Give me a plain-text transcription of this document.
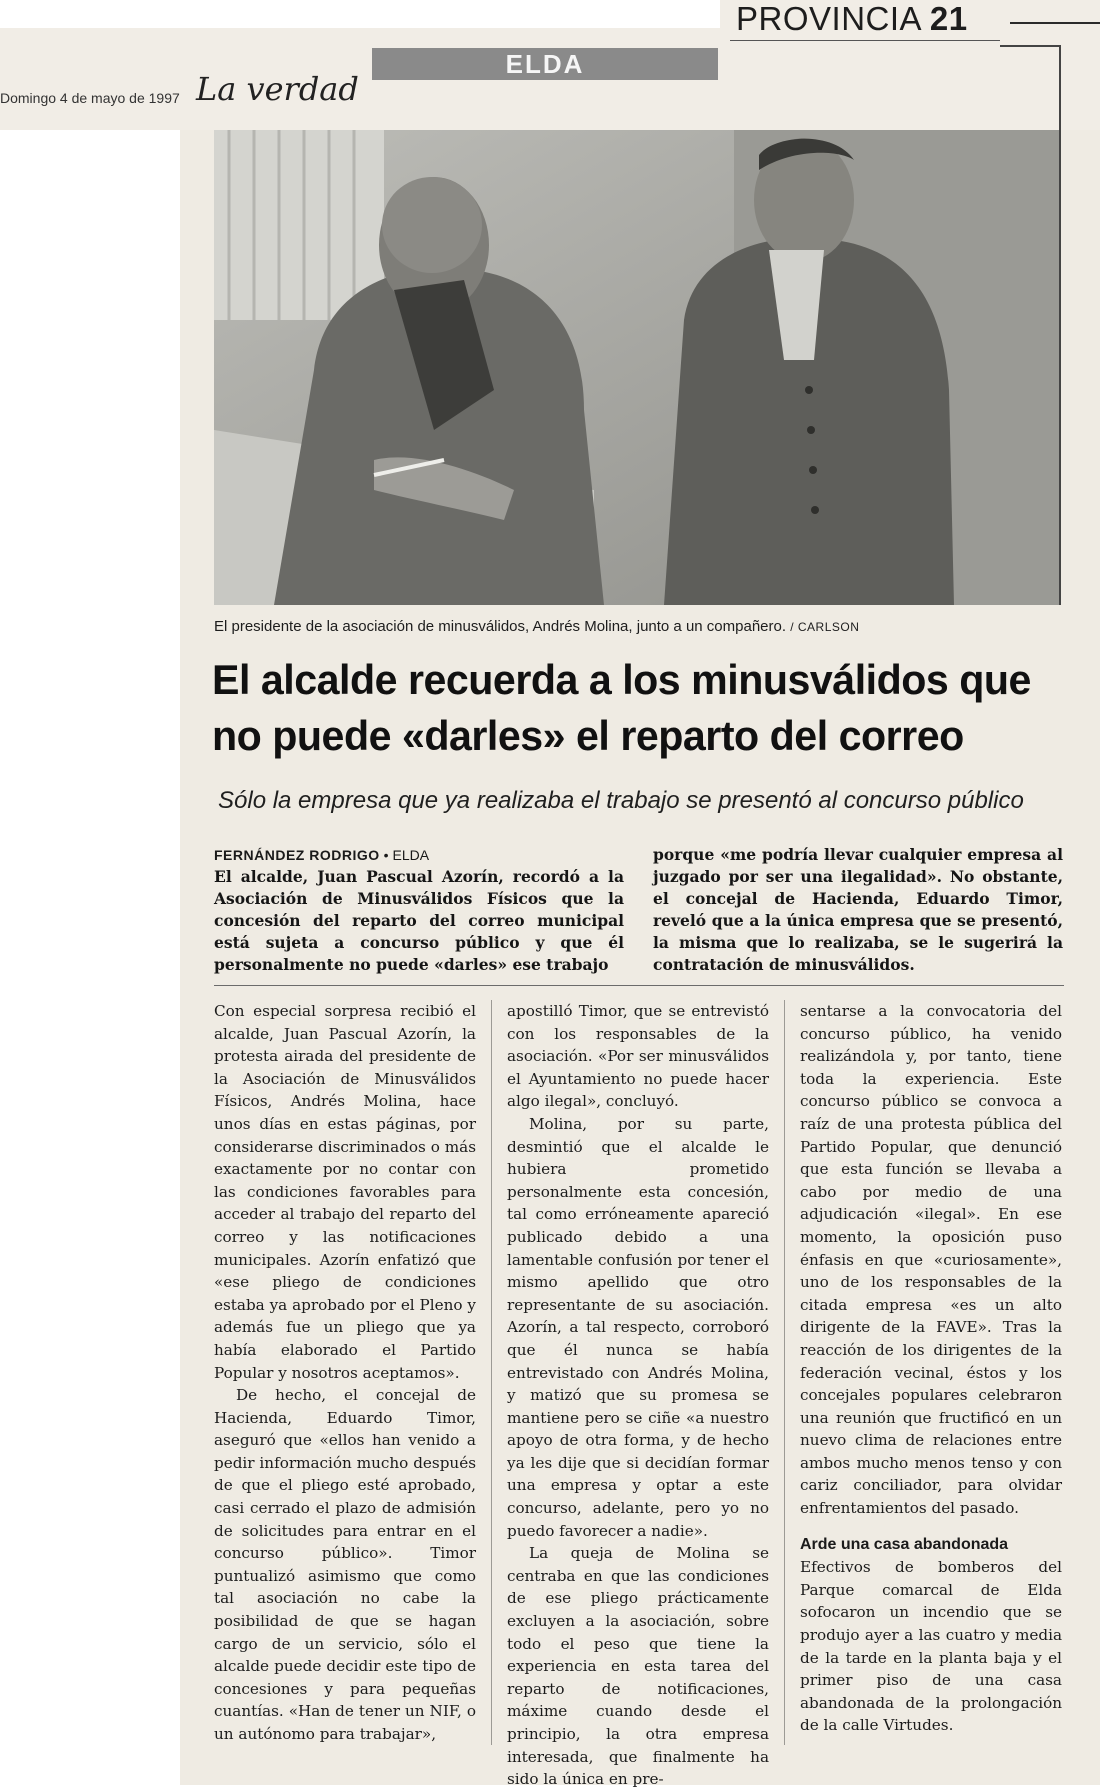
PROVINCIA 21
ELDA
Domingo 4 de mayo de 1997 La verdad
El presidente de la asociación de minusválidos, Andrés Molina, junto a un compañero. / CARLSON
El alcalde recuerda a los minusválidos que no puede «darles» el reparto del correo
Sólo la empresa que ya realizaba el trabajo se presentó al concurso público
FERNÁNDEZ RODRIGO • ELDA
El alcalde, Juan Pascual Azorín, recordó a la Asociación de Minusválidos Físicos que la concesión del reparto del correo municipal está sujeta a concurso público y que él personalmente no puede «darles» ese trabajo
porque «me podría llevar cualquier empresa al juzgado por ser una ilegalidad». No obstante, el concejal de Hacienda, Eduardo Timor, reveló que a la única empresa que se presentó, la misma que lo realizaba, se le sugerirá la contratación de minusválidos.

Con especial sorpresa recibió el alcalde, Juan Pascual Azorín, la protesta airada del presidente de la Asociación de Minusválidos Físicos, Andrés Molina, hace unos días en estas páginas, por considerarse discriminados o más exactamente por no contar con las condiciones favorables para acceder al trabajo del reparto del correo y las notificaciones municipales. Azorín enfatizó que «ese pliego de condiciones estaba ya aprobado por el Pleno y además fue un pliego que ya había elaborado el Partido Popular y nosotros aceptamos».

De hecho, el concejal de Hacienda, Eduardo Timor, aseguró que «ellos han venido a pedir información mucho después de que el pliego esté aprobado, casi cerrado el plazo de admisión de solicitudes para entrar en el concurso público». Timor puntualizó asimismo que como tal asociación no cabe la posibilidad de que se hagan cargo de un servicio, sólo el alcalde puede decidir este tipo de concesiones y para pequeñas cuantías. «Han de tener un NIF, o un autónomo para trabajar»,

apostilló Timor, que se entrevistó con los responsables de la asociación. «Por ser minusválidos el Ayuntamiento no puede hacer algo ilegal», concluyó.

Molina, por su parte, desmintió que el alcalde le hubiera prometido personalmente esta concesión, tal como erróneamente apareció publicado debido a una lamentable confusión por tener el mismo apellido que otro representante de su asociación. Azorín, a tal respecto, corroboró que él nunca se había entrevistado con Andrés Molina, y matizó que su promesa se mantiene pero se ciñe «a nuestro apoyo de otra forma, y de hecho ya les dije que si decidían formar una empresa y optar a este concurso, adelante, pero yo no puedo favorecer a nadie».

La queja de Molina se centraba en que las condiciones de ese pliego prácticamente excluyen a la asociación, sobre todo el peso que tiene la experiencia en esta tarea del reparto de notificaciones, máxime cuando desde el principio, la otra empresa interesada, que finalmente ha sido la única en pre-

sentarse a la convocatoria del concurso público, ha venido realizándola y, por tanto, tiene toda la experiencia. Este concurso público se convoca a raíz de una protesta pública del Partido Popular, que denunció que esta función se llevaba a cabo por medio de una adjudicación «ilegal». En ese momento, la oposición puso énfasis en que «curiosamente», uno de los responsables de la citada empresa «es un alto dirigente de la FAVE». Tras la reacción de los dirigentes de la federación vecinal, éstos y los concejales populares celebraron una reunión que fructificó en un nuevo clima de relaciones entre ambos mucho menos tenso y con cariz conciliador, para olvidar enfrentamientos del pasado.

Arde una casa abandonada

Efectivos de bomberos del Parque comarcal de Elda sofocaron un incendio que se produjo ayer a las cuatro y media de la tarde en la planta baja y el primer piso de una casa abandonada de la prolongación de la calle Virtudes.
